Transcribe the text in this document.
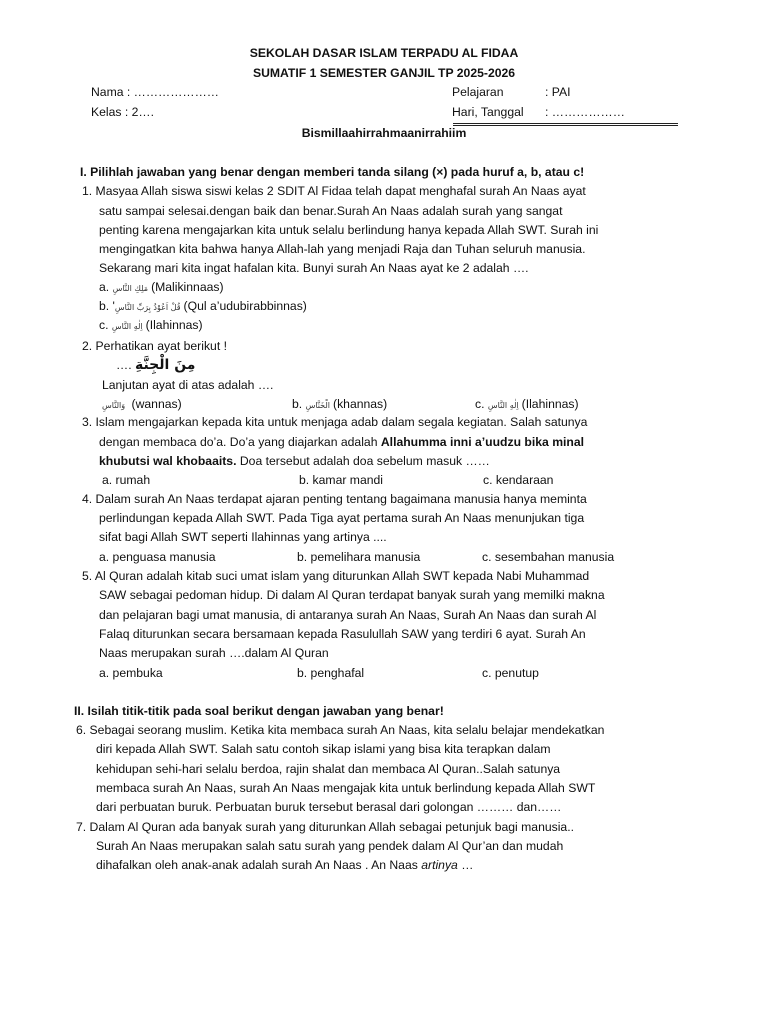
SEKOLAH DASAR ISLAM TERPADU AL FIDAA
SUMATIF 1 SEMESTER GANJIL TP 2025-2026
Nama : …………………	Pelajaran	: PAI
Kelas : 2….	Hari, Tanggal : ………………
Bismillaahirrahmaanirrahiim
I. Pilihlah jawaban yang benar dengan memberi tanda silang (×) pada huruf a, b, atau c!
1. Masyaa Allah siswa siswi kelas 2 SDIT Al Fidaa telah dapat menghafal surah An Naas ayat
satu sampai selesai.dengan baik dan benar.Surah An Naas adalah surah yang sangat
penting karena mengajarkan kita untuk selalu berlindung hanya kepada Allah SWT. Surah ini
mengingatkan kita bahwa hanya Allah-lah yang menjadi Raja dan Tuhan seluruh manusia.
Sekarang mari kita ingat hafalan kita. Bunyi surah An Naas ayat ke 2 adalah ….
a. مَلِكِ النَّاسِ (Malikinnaas)
b. 'قُلْ اَعُوْذُ بِرَبِّ النَّاسِ (Qul a’udubirabbinnas)
c. اِلٰهِ النَّاسِ (Ilahinnas)
2. Perhatikan ayat berikut !
…. مِنَ الْجِنَّةِ
Lanjutan ayat di atas adalah ….
وَالنَّاسِ (wannas)	b. الْخَنَّاسِ (khannas)	c. اِلٰهِ النَّاسِ (Ilahinnas)
3. Islam mengajarkan kepada kita untuk menjaga adab dalam segala kegiatan. Salah satunya
dengan membaca do’a. Do’a yang diajarkan adalah Allahumma inni a’uudzu bika minal
khubutsi wal khobaaits. Doa tersebut adalah doa sebelum masuk ……
a. rumah	b. kamar mandi	c. kendaraan
4. Dalam surah An Naas terdapat ajaran penting tentang bagaimana manusia hanya meminta
perlindungan kepada Allah SWT. Pada Tiga ayat pertama surah An Naas menunjukan tiga
sifat bagi Allah SWT seperti Ilahinnas yang artinya ....
a. penguasa manusia	b. pemelihara manusia	c. sesembahan manusia
5. Al Quran adalah kitab suci umat islam yang diturunkan Allah SWT kepada Nabi Muhammad
SAW sebagai pedoman hidup. Di dalam Al Quran terdapat banyak surah yang memilki makna
dan pelajaran bagi umat manusia, di antaranya surah An Naas, Surah An Naas dan surah Al
Falaq diturunkan secara bersamaan kepada Rasulullah SAW yang terdiri 6 ayat. Surah An
Naas merupakan surah ….dalam Al Quran
a. pembuka	b. penghafal	c. penutup
II. Isilah titik-titik pada soal berikut dengan jawaban yang benar!
6. Sebagai seorang muslim. Ketika kita membaca surah An Naas, kita selalu belajar mendekatkan
diri kepada Allah SWT. Salah satu contoh sikap islami yang bisa kita terapkan dalam
kehidupan sehi-hari selalu berdoa, rajin shalat dan membaca Al Quran..Salah satunya
membaca surah An Naas, surah An Naas mengajak kita untuk berlindung kepada Allah SWT
dari perbuatan buruk. Perbuatan buruk tersebut berasal dari golongan ……… dan……
7. Dalam Al Quran ada banyak surah yang diturunkan Allah sebagai petunjuk bagi manusia..
Surah An Naas merupakan salah satu surah yang pendek dalam Al Qur’an dan mudah
dihafalkan oleh anak-anak adalah surah An Naas . An Naas artinya …
